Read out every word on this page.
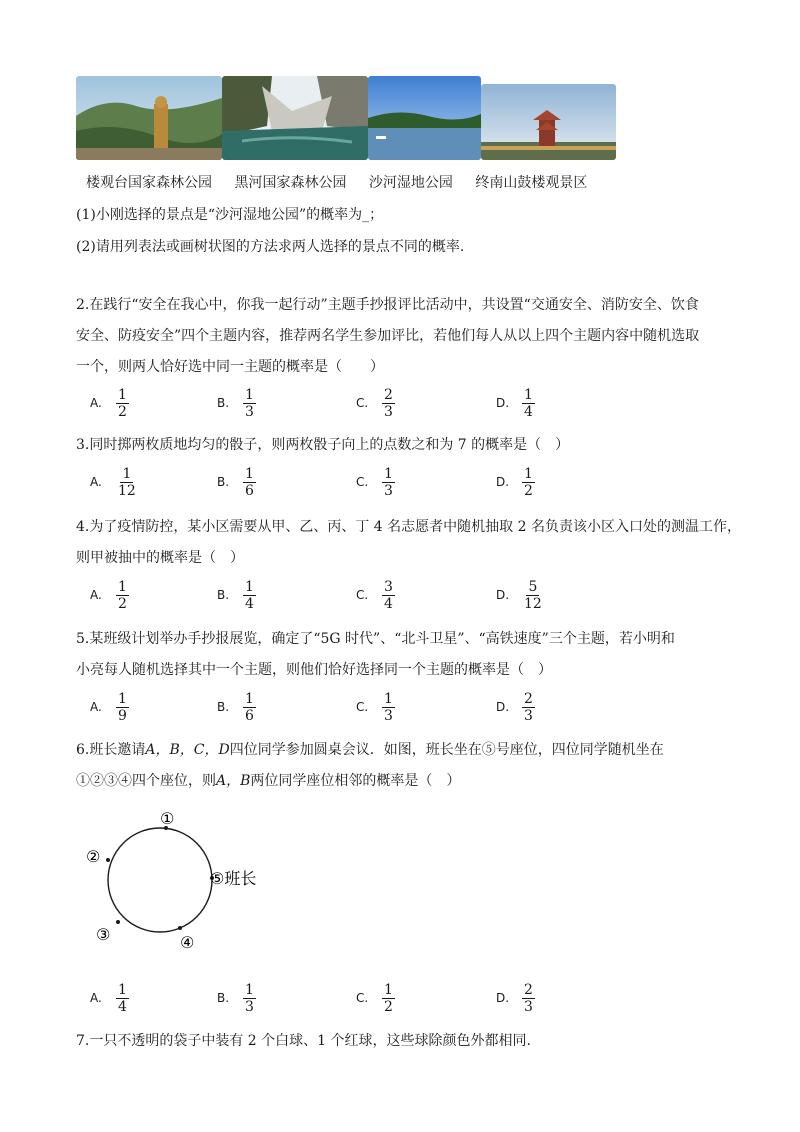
楼观台国家森林公园 黑河国家森林公园 沙河湿地公园 终南山鼓楼观景区
(1)小刚选择的景点是“沙河湿地公园”的概率为_；
(2)请用列表法或画树状图的方法求两人选择的景点不同的概率.
2.在践行“安全在我心中，你我一起行动”主题手抄报评比活动中，共设置“交通安全、消防安全、饮食
安全、防疫安全”四个主题内容，推荐两名学生参加评比，若他们每人从以上四个主题内容中随机选取
一个，则两人恰好选中同一主题的概率是（　　）
A.	$\frac{1}{2}$	B. $\frac{1}{3}$	C. $\frac{2}{3}$	D. $\frac{1}{4}$
3.同时掷两枚质地均匀的骰子，则两枚骰子向上的点数之和为 7 的概率是（　）
A.	$\frac{1}{12}$	B. $\frac{1}{6}$	C. $\frac{1}{3}$	D. $\frac{1}{2}$
4.为了疫情防控，某小区需要从甲、乙、丙、丁 4 名志愿者中随机抽取 2 名负责该小区入口处的测温工作，
则甲被抽中的概率是（　）
A.	$\frac{1}{2}$	B. $\frac{1}{4}$	C. $\frac{3}{4}$	D. $\frac{5}{12}$
5.某班级计划举办手抄报展览，确定了“5G 时代”、“北斗卫星”、“高铁速度”三个主题，若小明和
小亮每人随机选择其中一个主题，则他们恰好选择同一个主题的概率是（　）
A.	$\frac{1}{9}$	B. $\frac{1}{6}$	C. $\frac{1}{3}$	D. $\frac{2}{3}$
6.班长邀请A，B，C，D四位同学参加圆桌会议．如图，班长坐在⑤号座位，四位同学随机坐在
①②③④四个座位，则A，B两位同学座位相邻的概率是（　）
①
②
③	④
⑤班长
A.	$\frac{1}{4}$	B. $\frac{1}{3}$	C. $\frac{1}{2}$	D. $\frac{2}{3}$
7.一只不透明的袋子中装有 2 个白球、1 个红球，这些球除颜色外都相同.
